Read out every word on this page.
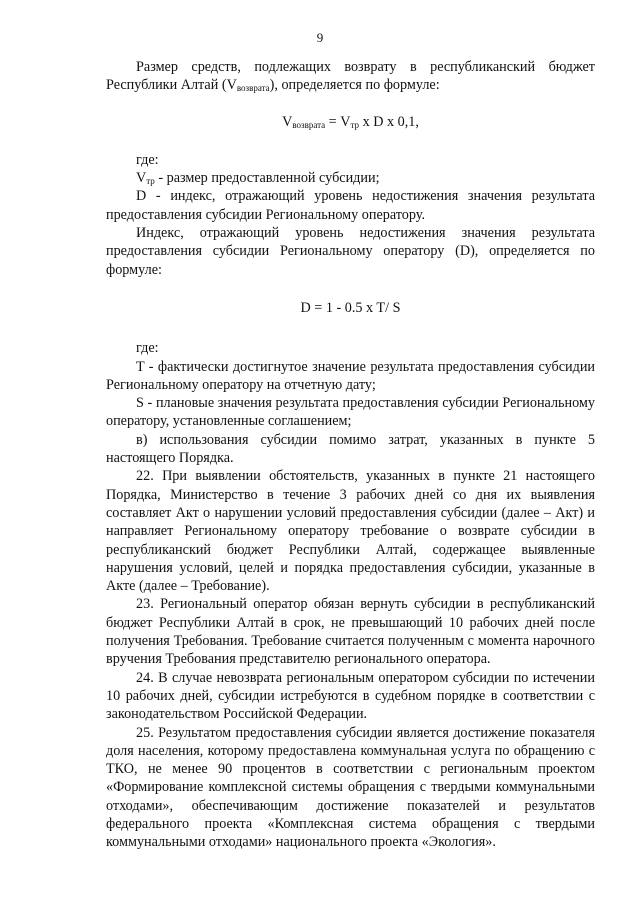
9

Размер средств, подлежащих возврату в республиканский бюджет Республики Алтай $(V_{возврата})$, определяется по формуле:

$V_{возврата} = V_{тр}$ x D x 0,1,

где:

$V_{тр}$ - размер предоставленной субсидии;

D - индекс, отражающий уровень недостижения значения результата предоставления субсидии Региональному оператору.

Индекс, отражающий уровень недостижения значения результата предоставления субсидии Региональному оператору (D), определяется по формуле:

D = 1 - 0.5 x T/ S

где:

T - фактически достигнутое значение результата предоставления субсидии Региональному оператору на отчетную дату;

S - плановые значения результата предоставления субсидии Региональному оператору, установленные соглашением;

в) использования субсидии помимо затрат, указанных в пункте 5 настоящего Порядка.

22. При выявлении обстоятельств, указанных в пункте 21 настоящего Порядка, Министерство в течение 3 рабочих дней со дня их выявления составляет Акт о нарушении условий предоставления субсидии (далее – Акт) и направляет Региональному оператору требование о возврате субсидии в республиканский бюджет Республики Алтай, содержащее выявленные нарушения условий, целей и порядка предоставления субсидии, указанные в Акте (далее – Требование).

23. Региональный оператор обязан вернуть субсидии в республиканский бюджет Республики Алтай в срок, не превышающий 10 рабочих дней после получения Требования. Требование считается полученным с момента нарочного вручения Требования представителю регионального оператора.

24. В случае невозврата региональным оператором субсидии по истечении 10 рабочих дней, субсидии истребуются в судебном порядке в соответствии с законодательством Российской Федерации.

25. Результатом предоставления субсидии является достижение показателя доля населения, которому предоставлена коммунальная услуга по обращению с ТКО, не менее 90 процентов в соответствии с региональным проектом «Формирование комплексной системы обращения с твердыми коммунальными отходами», обеспечивающим достижение показателей и результатов федерального проекта «Комплексная система обращения с твердыми коммунальными отходами» национального проекта «Экология».
